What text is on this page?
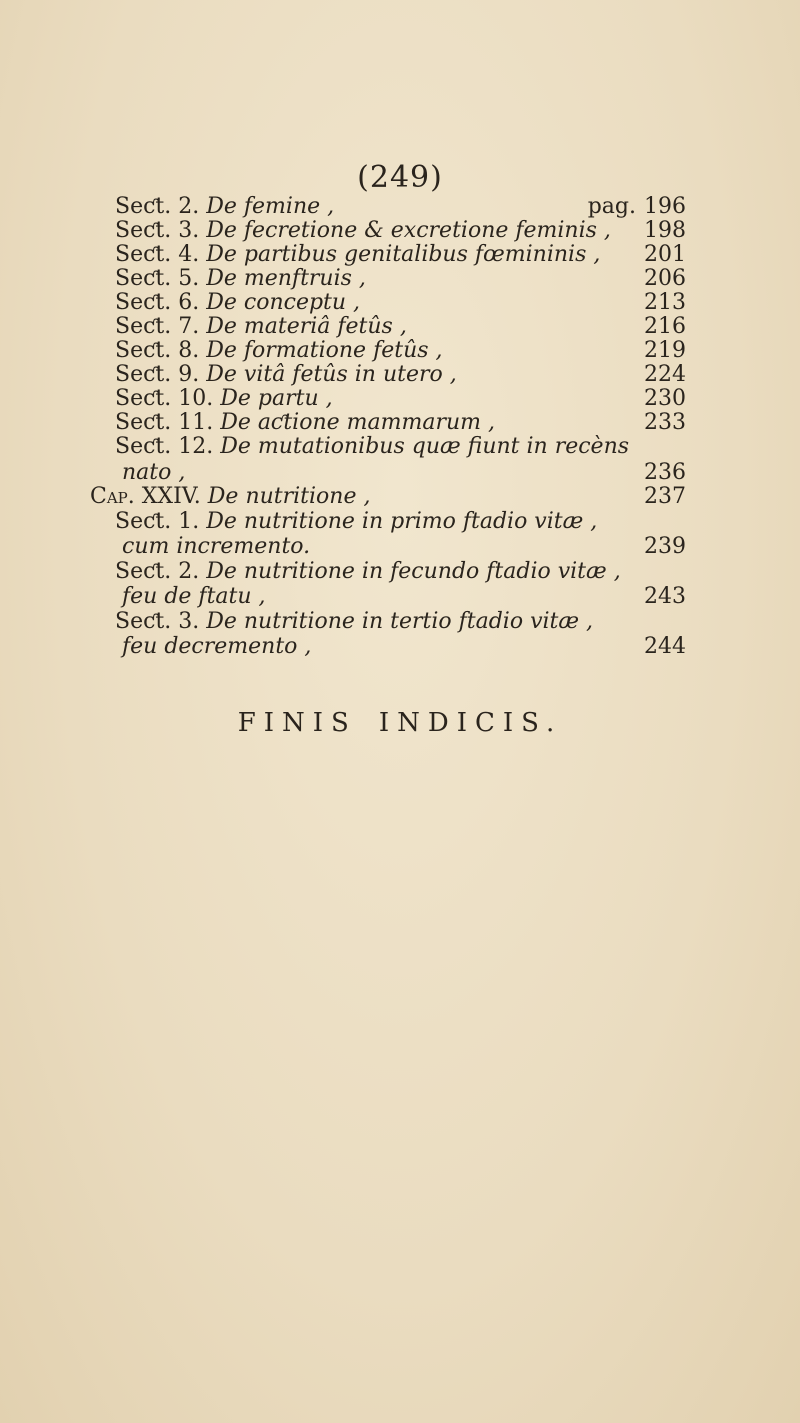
(249)
Seƈt. 2. De femine ,	pag. 196
Seƈt. 3. De fecretione & excretione feminis , 198
Seƈt. 4. De partibus genitalibus fœmininis , 201
Seƈt. 5. De menftruis ,	206
Seƈt. 6. De conceptu ,	213
Seƈt. 7. De materiâ fetûs ,	216
Seƈt. 8. De formatione fetûs ,	219
Seƈt. 9. De vitâ fetûs in utero ,	224
Seƈt. 10. De partu ,	230
Seƈt. 11. De aƈtione mammarum ,	233
Seƈt. 12. De mutationibus quæ fiunt in recèns
nato ,	236
Cap. XXIV. De nutritione ,	237
Seƈt. 1. De nutritione in primo ftadio vitæ ,
cum incremento.	239
Seƈt. 2. De nutritione in fecundo ftadio vitæ ,
feu de ftatu ,	243
Seƈt. 3. De nutritione in tertio ftadio vitæ ,
feu decremento ,	244
FINIS INDICIS.
